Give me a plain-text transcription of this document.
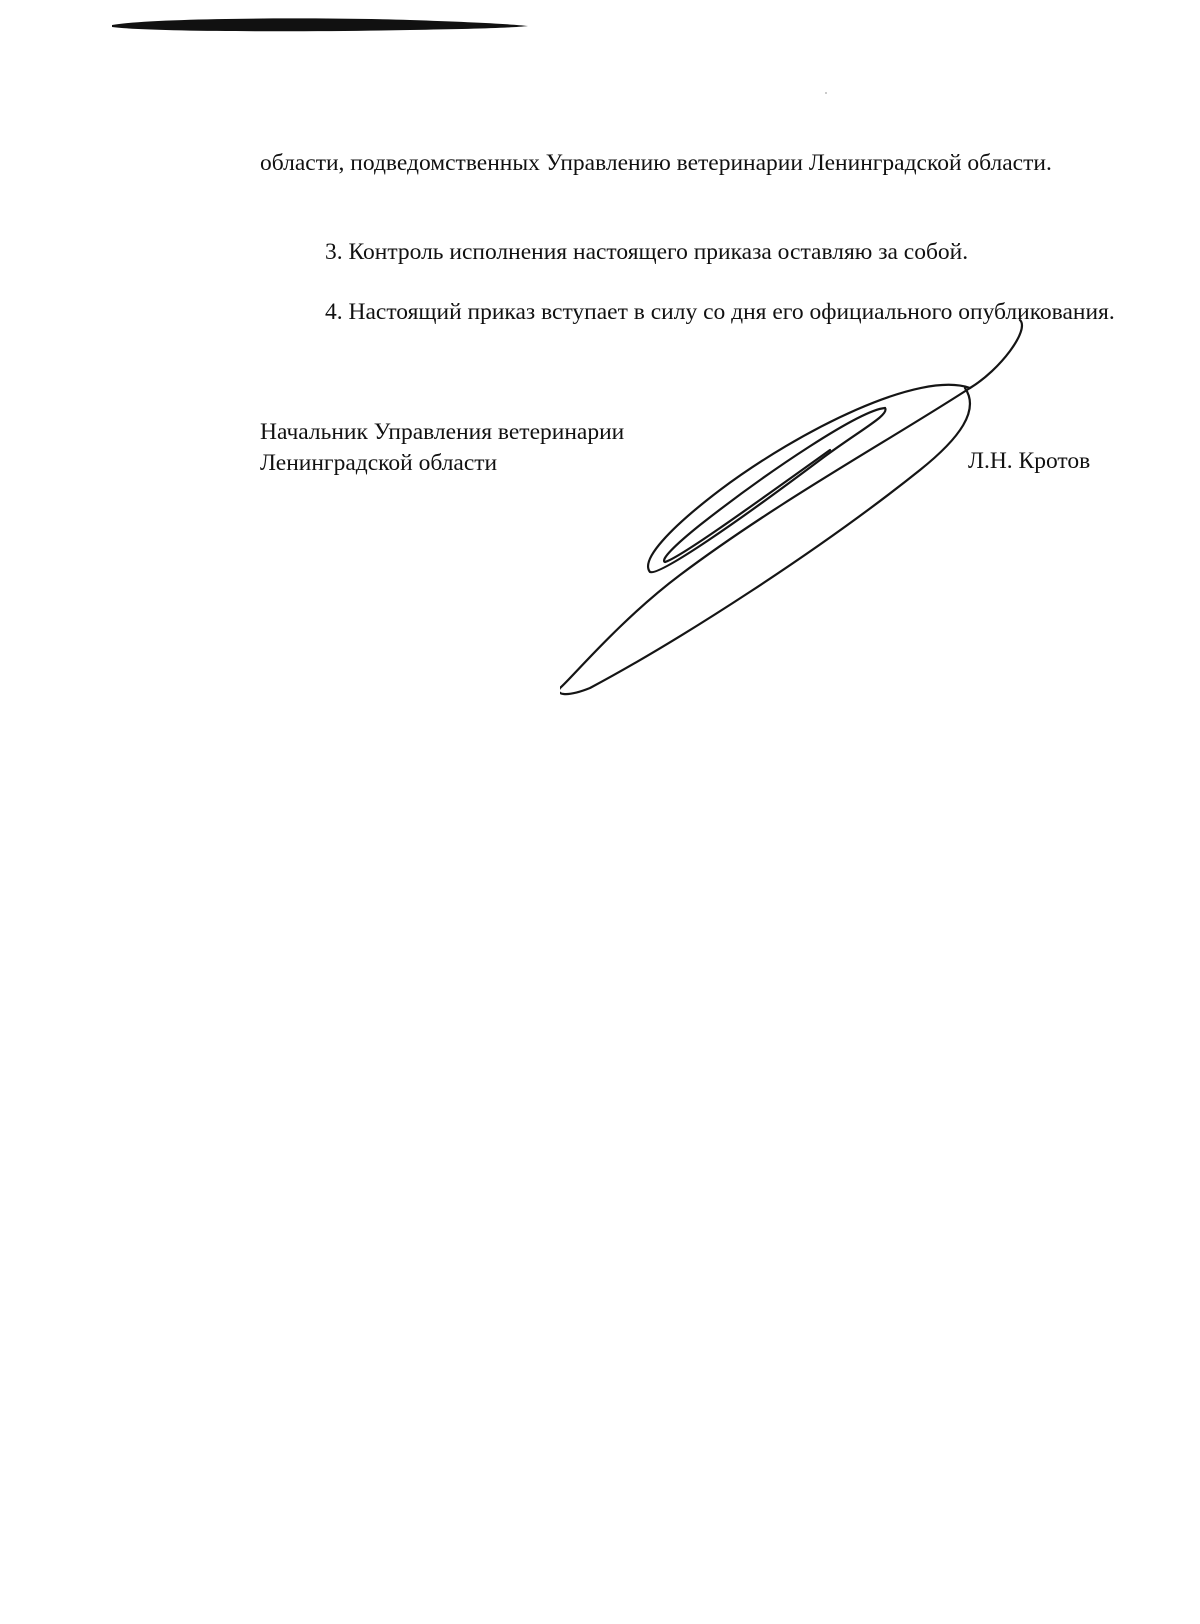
области, подведомственных Управлению ветеринарии Ленинградской области.

3. Контроль исполнения настоящего приказа оставляю за собой.

4. Настоящий приказ вступает в силу со дня его официального опубликования.

Начальник Управления ветеринарии
Ленинградской области	Л.Н. Кротов
